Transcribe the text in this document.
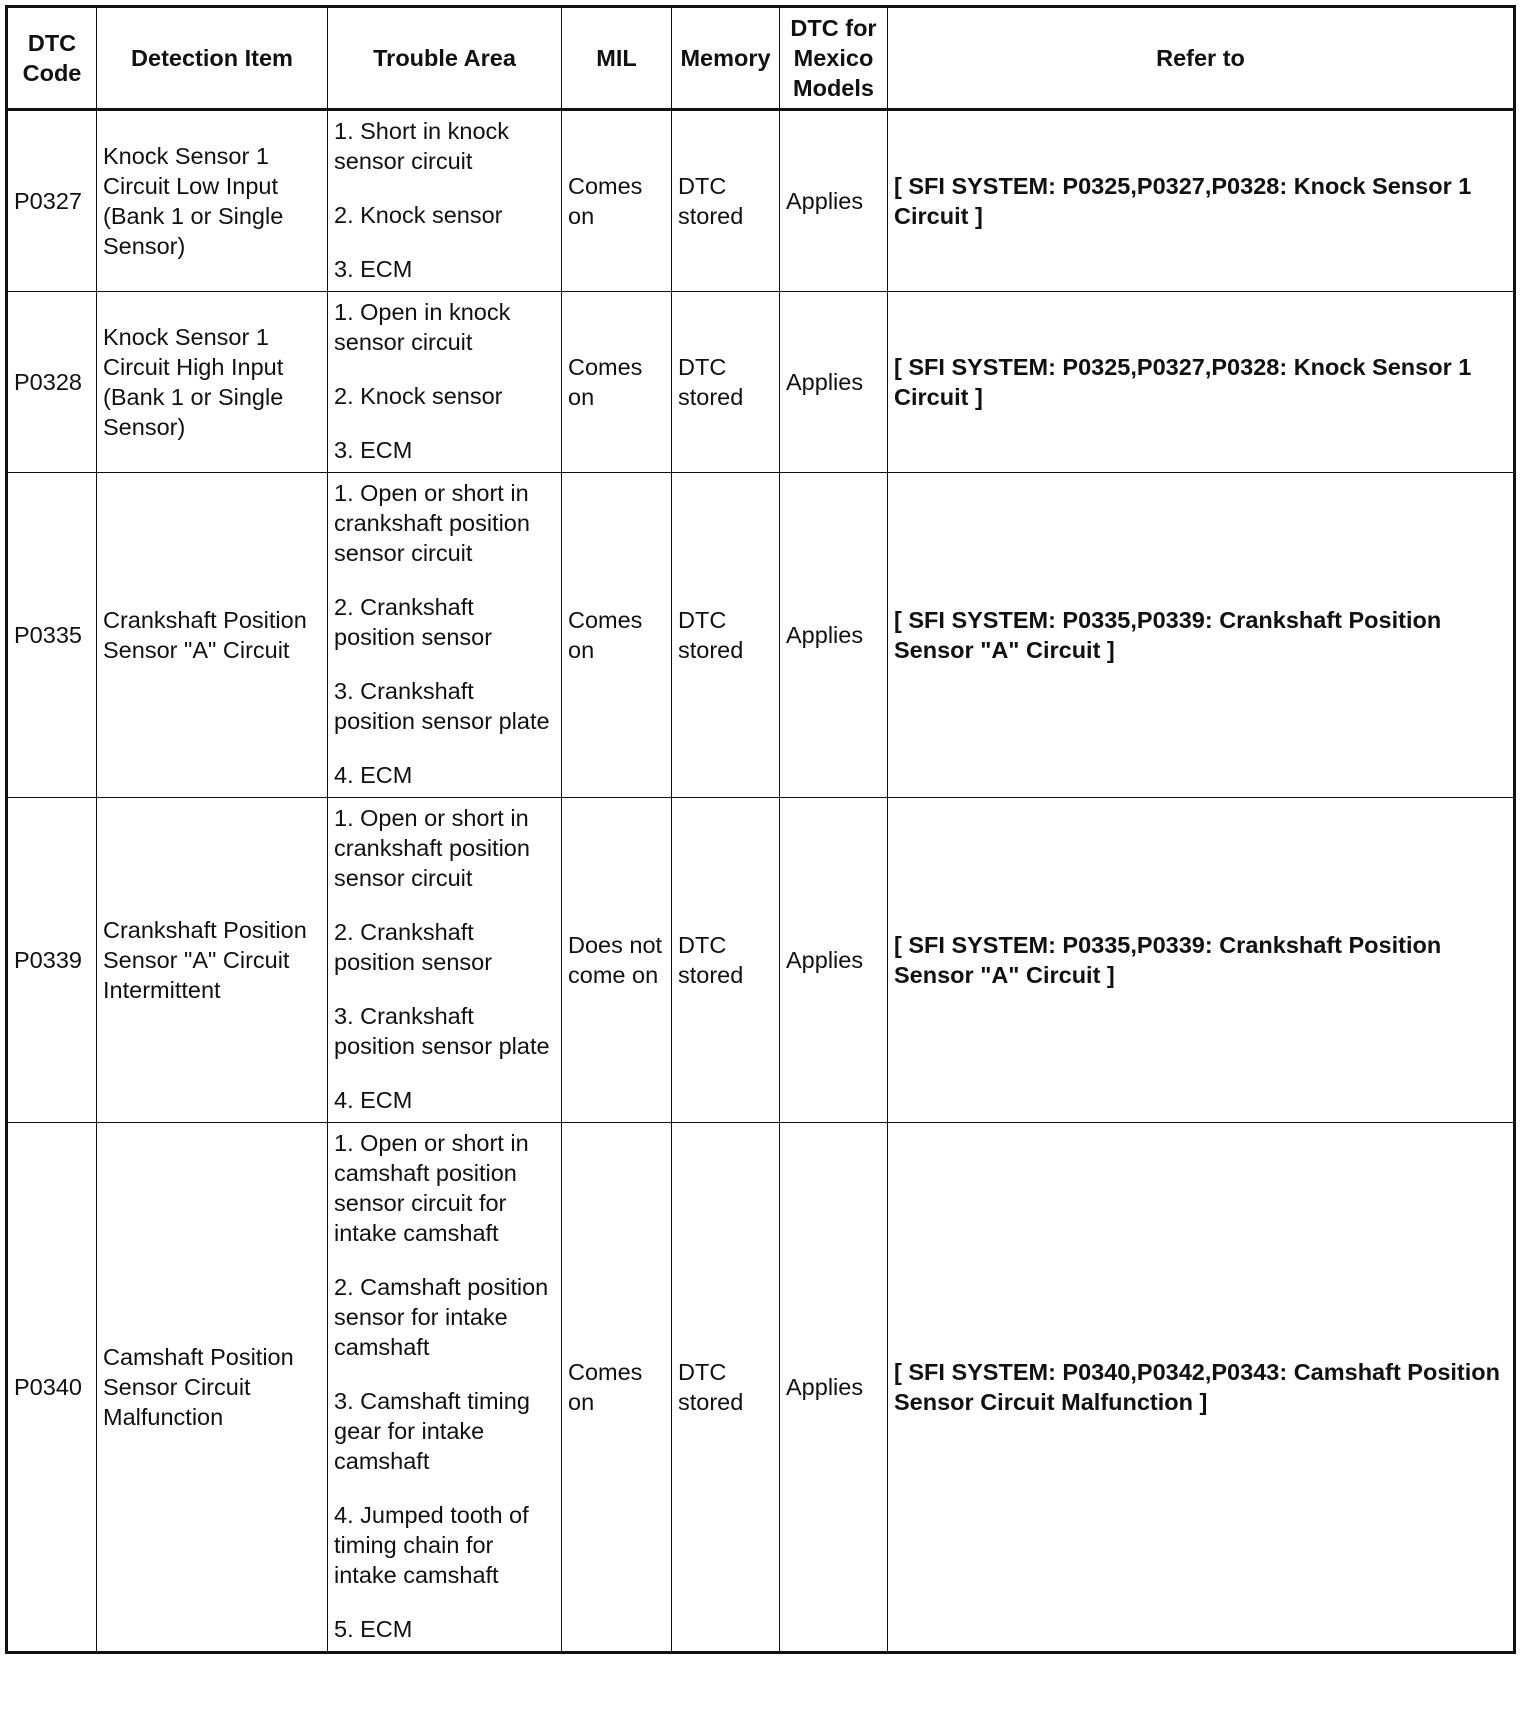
DTC Code	Detection Item	Trouble Area	MIL	Memory	DTC for Mexico Models	Refer to
P0327	Knock Sensor 1 Circuit Low Input (Bank 1 or Single Sensor)	1. Short in knock sensor circuit
2. Knock sensor
3. ECM	Comes on	DTC stored	Applies	[ SFI SYSTEM: P0325,P0327,P0328: Knock Sensor 1 Circuit ]
P0328	Knock Sensor 1 Circuit High Input (Bank 1 or Single Sensor)	1. Open in knock sensor circuit
2. Knock sensor
3. ECM	Comes on	DTC stored	Applies	[ SFI SYSTEM: P0325,P0327,P0328: Knock Sensor 1 Circuit ]
P0335	Crankshaft Position Sensor "A" Circuit	1. Open or short in crankshaft position sensor circuit
2. Crankshaft position sensor
3. Crankshaft position sensor plate
4. ECM	Comes on	DTC stored	Applies	[ SFI SYSTEM: P0335,P0339: Crankshaft Position Sensor "A" Circuit ]
P0339	Crankshaft Position Sensor "A" Circuit Intermittent	1. Open or short in crankshaft position sensor circuit
2. Crankshaft position sensor
3. Crankshaft position sensor plate
4. ECM	Does not come on	DTC stored	Applies	[ SFI SYSTEM: P0335,P0339: Crankshaft Position Sensor "A" Circuit ]
P0340	Camshaft Position Sensor Circuit Malfunction	1. Open or short in camshaft position sensor circuit for intake camshaft
2. Camshaft position sensor for intake camshaft
3. Camshaft timing gear for intake camshaft
4. Jumped tooth of timing chain for intake camshaft
5. ECM	Comes on	DTC stored	Applies	[ SFI SYSTEM: P0340,P0342,P0343: Camshaft Position Sensor Circuit Malfunction ]
